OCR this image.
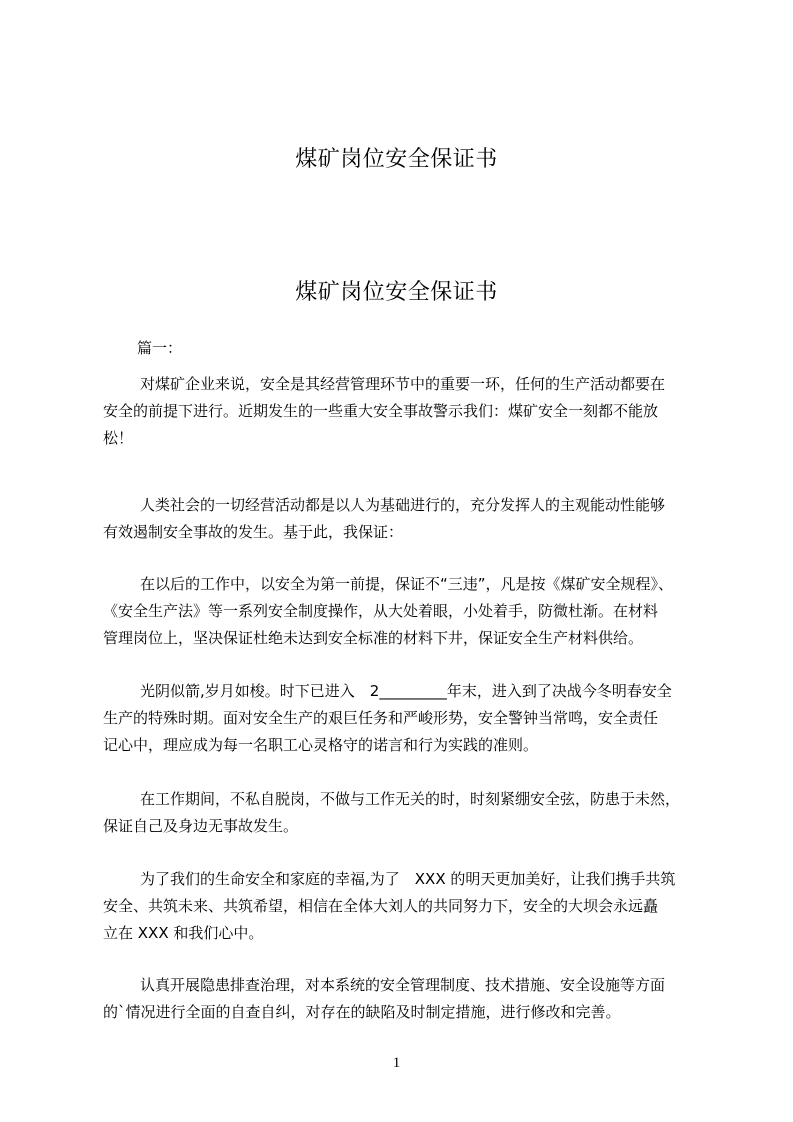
煤矿岗位安全保证书
煤矿岗位安全保证书

篇一：

对煤矿企业来说，安全是其经营管理环节中的重要一环，任何的生产活动都要在
安全的前提下进行。近期发生的一些重大安全事故警示我们：煤矿安全一刻都不能放
松！
人类社会的一切经营活动都是以人为基础进行的，充分发挥人的主观能动性能够
有效遏制安全事故的发生。基于此，我保证：
在以后的工作中，以安全为第一前提，保证不“三违”，凡是按《煤矿安全规程》、
《安全生产法》等一系列安全制度操作，从大处着眼，小处着手，防微杜渐。在材料
管理岗位上，坚决保证杜绝未达到安全标准的材料下井，保证安全生产材料供给。
光阴似箭,岁月如梭。时下已进入　2_________年末，进入到了决战今冬明春安全
生产的特殊时期。面对安全生产的艰巨任务和严峻形势，安全警钟当常鸣，安全责任
记心中，理应成为每一名职工心灵格守的诺言和行为实践的准则。
在工作期间，不私自脱岗，不做与工作无关的时，时刻紧绷安全弦，防患于未然，
保证自己及身边无事故发生。
为了我们的生命安全和家庭的幸福,为了　XXX 的明天更加美好，让我们携手共筑
安全、共筑未来、共筑希望，相信在全体大刘人的共同努力下，安全的大坝会永远矗
立在 XXX 和我们心中。
认真开展隐患排查治理，对本系统的安全管理制度、技术措施、安全设施等方面
的`情况进行全面的自查自纠，对存在的缺陷及时制定措施，进行修改和完善。
1
